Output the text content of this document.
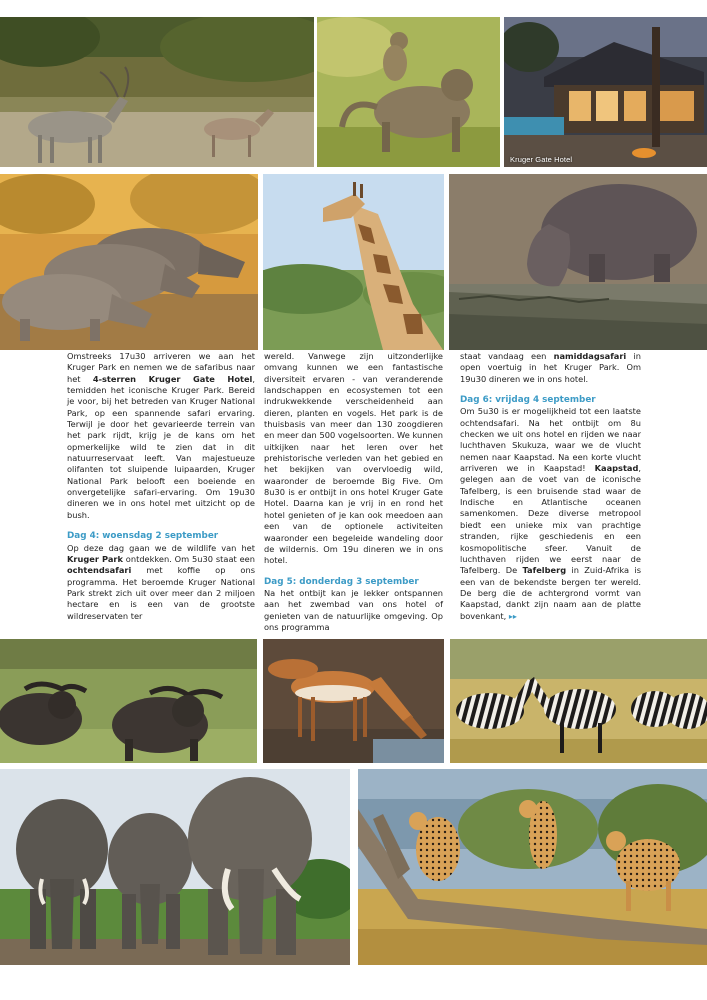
Kruger Gate Hotel

Omstreeks 17u30 arriveren we aan het Kruger Park en nemen we de safaribus naar het 4-sterren Kruger Gate Hotel, temidden het iconische Kruger Park. Bereid je voor, bij het betreden van Kruger National Park, op een spannende safari ervaring. Terwijl je door het gevarieerde terrein van het park rijdt, krijg je de kans om het opmerkelijke wild te zien dat in dit natuurreservaat leeft. Van majestueuze olifanten tot sluipende luipaarden, Kruger National Park belooft een boeiende en onvergetelijke safari-ervaring. Om 19u30 dineren we in ons hotel met uitzicht op de bush.

Dag 4: woensdag 2 september

Op deze dag gaan we de wildlife van het Kruger Park ontdekken. Om 5u30 staat een ochtendsafari met koffie op ons programma. Het beroemde Kruger National Park strekt zich uit over meer dan 2 miljoen hectare en is een van de grootste wildreservaten ter

wereld. Vanwege zijn uitzonderlijke omvang kunnen we een fantastische diversiteit ervaren - van veranderende landschappen en ecosystemen tot een indrukwekkende verscheidenheid aan dieren, planten en vogels. Het park is de thuisbasis van meer dan 130 zoogdieren en meer dan 500 vogelsoorten. We kunnen uitkijken naar het leren over het prehistorische verleden van het gebied en het bekijken van overvloedig wild, waaronder de beroemde Big Five. Om 8u30 is er ontbijt in ons hotel Kruger Gate Hotel. Daarna kan je vrij in en rond het hotel genieten of je kan ook meedoen aan een van de optionele activiteiten waaronder een begeleide wandeling door de wildernis. Om 19u dineren we in ons hotel.

Dag 5: donderdag 3 september

Na het ontbijt kan je lekker ontspannen aan het zwembad van ons hotel of genieten van de natuurlijke omgeving. Op ons programma

staat vandaag een namiddagsafari in open voertuig in het Kruger Park. Om 19u30 dineren we in ons hotel.

Dag 6: vrijdag 4 september

Om 5u30 is er mogelijkheid tot een laatste ochtendsafari. Na het ontbijt om 8u checken we uit ons hotel en rijden we naar luchthaven Skukuza, waar we de vlucht nemen naar Kaapstad. Na een korte vlucht arriveren we in Kaapstad! Kaapstad, gelegen aan de voet van de iconische Tafelberg, is een bruisende stad waar de Indische en Atlantische oceanen samenkomen. Deze diverse metropool biedt een unieke mix van prachtige stranden, rijke geschiedenis en een kosmopolitische sfeer. Vanuit de luchthaven rijden we eerst naar de Tafelberg. De Tafelberg in Zuid-Afrika is een van de bekendste bergen ter wereld. De berg die de achtergrond vormt van Kaapstad, dankt zijn naam aan de platte bovenkant, ▸▸
